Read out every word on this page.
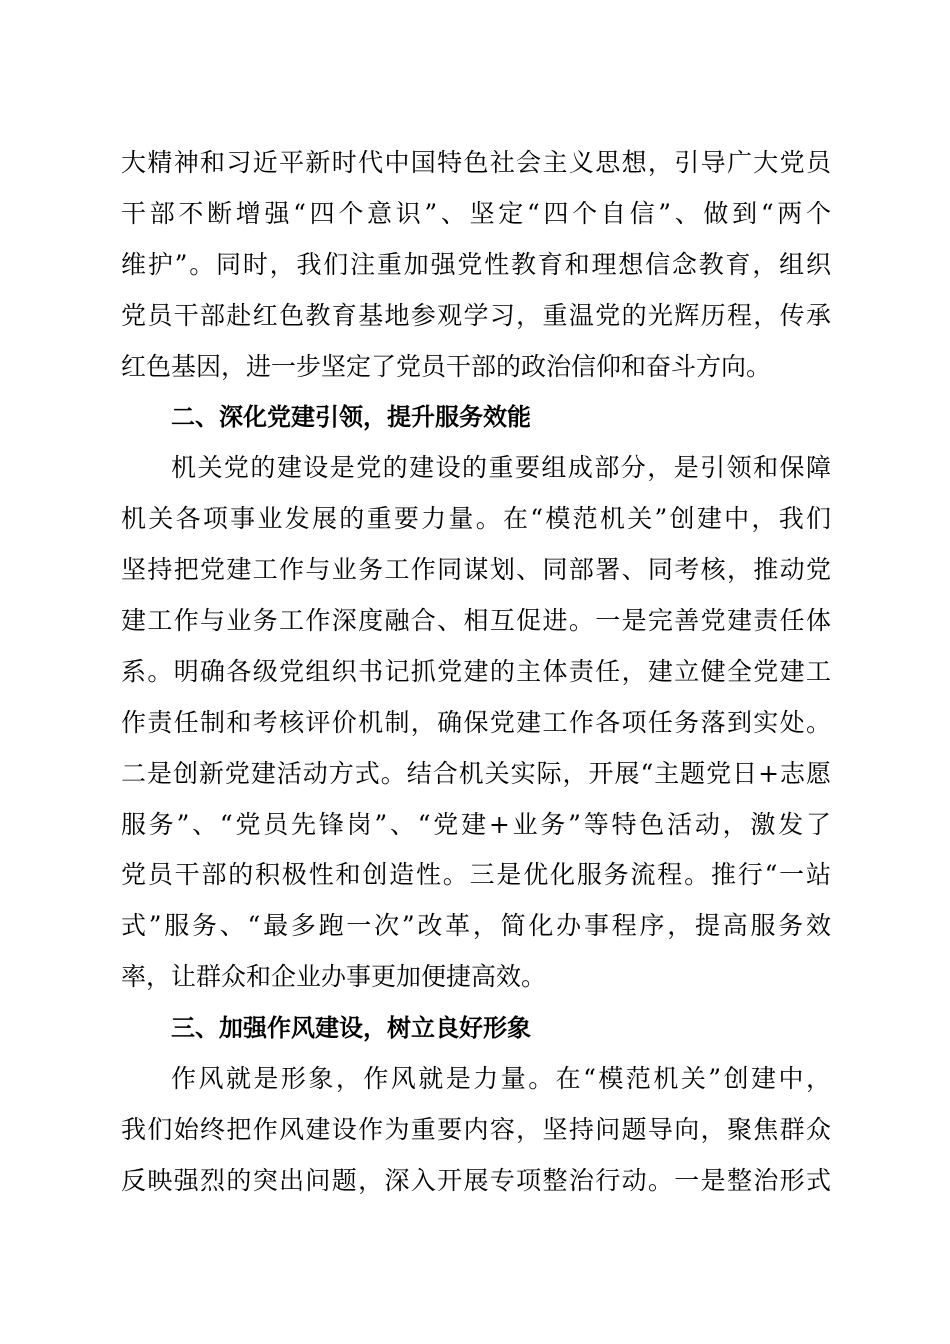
大精神和习近平新时代中国特色社会主义思想，引导广大党员
干部不断增强“四个意识”、坚定“四个自信”、做到“两个
维护”。同时，我们注重加强党性教育和理想信念教育，组织
党员干部赴红色教育基地参观学习，重温党的光辉历程，传承
红色基因，进一步坚定了党员干部的政治信仰和奋斗方向。
二、深化党建引领，提升服务效能
机关党的建设是党的建设的重要组成部分，是引领和保障
机关各项事业发展的重要力量。在“模范机关”创建中，我们
坚持把党建工作与业务工作同谋划、同部署、同考核，推动党
建工作与业务工作深度融合、相互促进。一是完善党建责任体
系。明确各级党组织书记抓党建的主体责任，建立健全党建工
作责任制和考核评价机制，确保党建工作各项任务落到实处。
二是创新党建活动方式。结合机关实际，开展“主题党日+志愿
服务”、“党员先锋岗”、“党建+业务”等特色活动，激发了
党员干部的积极性和创造性。三是优化服务流程。推行“一站
式”服务、“最多跑一次”改革，简化办事程序，提高服务效
率，让群众和企业办事更加便捷高效。
三、加强作风建设，树立良好形象
作风就是形象，作风就是力量。在“模范机关”创建中，
我们始终把作风建设作为重要内容，坚持问题导向，聚焦群众
反映强烈的突出问题，深入开展专项整治行动。一是整治形式
